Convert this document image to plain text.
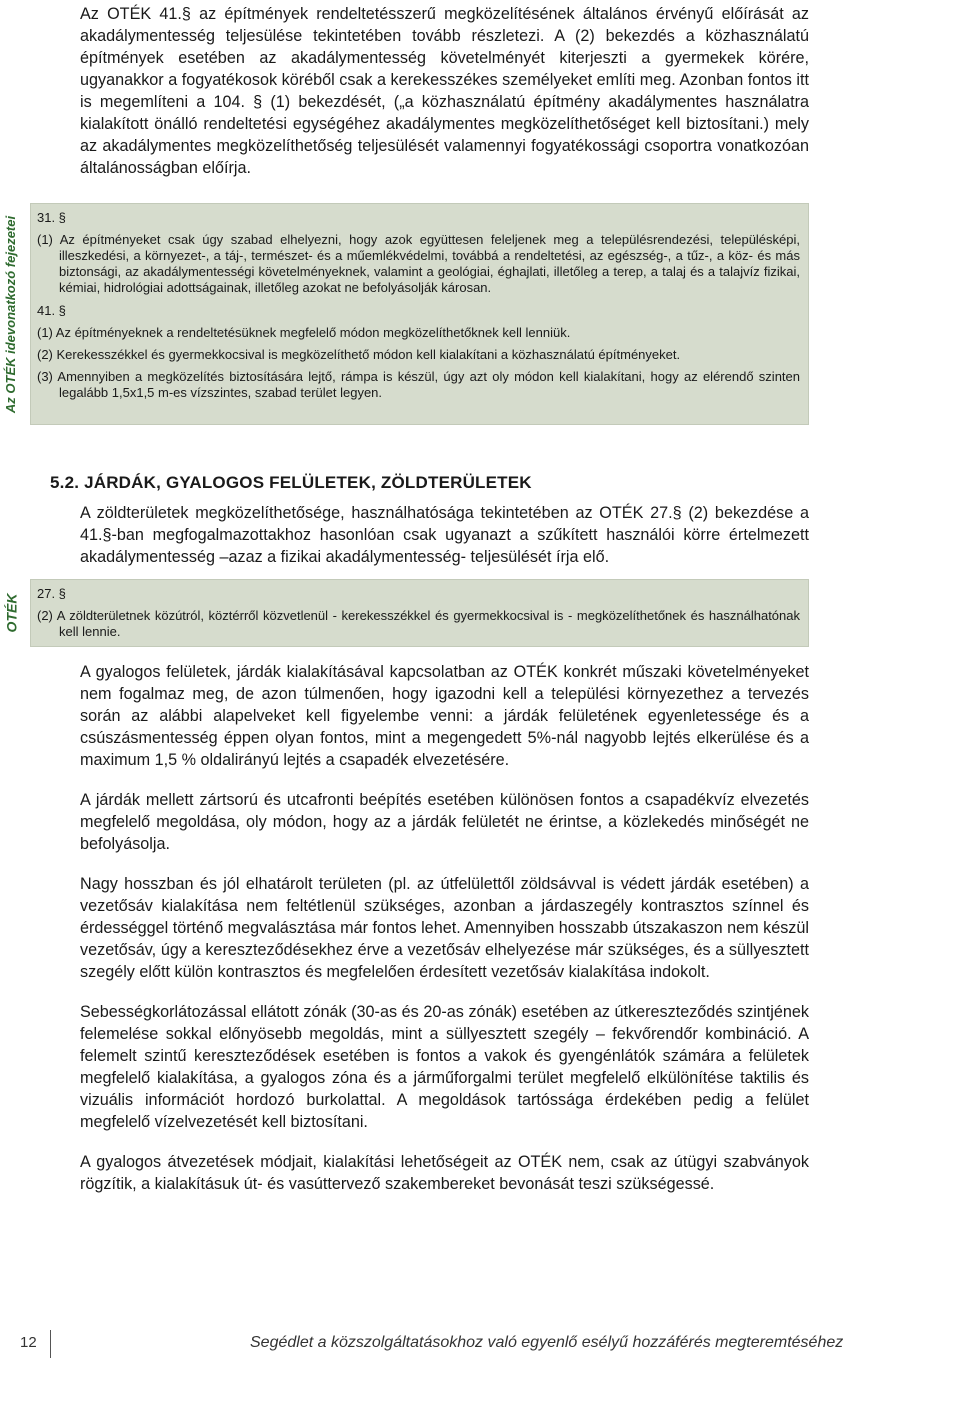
Az OTÉK 41.§ az építmények rendeltetésszerű megközelítésének általános érvényű előírását az akadálymentesség teljesülése tekintetében tovább részletezi. A (2) bekezdés a közhasználatú építmények esetében az akadálymentesség követelményét kiterjeszti a gyermekek körére, ugyanakkor a fogyatékosok köréből csak a kerekesszékes személyeket említi meg. Azonban fontos itt is megemlíteni a 104. § (1) bekezdését, („a közhasználatú építmény akadálymentes használatra kialakított önálló rendeltetési egységéhez akadálymentes megközelíthetőséget kell biztosítani.) mely az akadálymentes megközelíthetőség teljesülését valamennyi fogyatékossági csoportra vonatkozóan általánosságban előírja.

Az OTÉK idevonatkozó fejezetei 31. §
(1) Az építményeket csak úgy szabad elhelyezni, hogy azok együttesen feleljenek meg a településrendezési, településképi, illeszkedési, a környezet-, a táj-, természet- és a műemlékvédelmi, továbbá a rendeltetési, az egészség-, a tűz-, a köz- és más biztonsági, az akadálymentességi követelményeknek, valamint a geológiai, éghajlati, illetőleg a terep, a talaj és a talajvíz fizikai, kémiai, hidrológiai adottságainak, illetőleg azokat ne befolyásolják károsan.
41. §
(1) Az építményeknek a rendeltetésüknek megfelelő módon megközelíthetőknek kell lenniük.
(2) Kerekesszékkel és gyermekkocsival is megközelíthető módon kell kialakítani a közhasználatú építményeket.
(3) Amennyiben a megközelítés biztosítására lejtő, rámpa is készül, úgy azt oly módon kell kialakítani, hogy az elérendő szinten legalább 1,5x1,5 m-es vízszintes, szabad terület legyen.
5.2. JÁRDÁK, GYALOGOS FELÜLETEK, ZÖLDTERÜLETEK

A zöldterületek megközelíthetősége, használhatósága tekintetében az OTÉK 27.§ (2) bekezdése a 41.§-ban megfogalmazottakhoz hasonlóan csak ugyanazt a szűkített használói körre értelmezett akadálymentesség –azaz a fizikai akadálymentesség- teljesülését írja elő.

OTÉK
27. §
(2) A zöldterületnek közútról, köztérről közvetlenül - kerekesszékkel és gyermekkocsival is - megközelíthetőnek és használhatónak kell lennie.

A gyalogos felületek, járdák kialakításával kapcsolatban az OTÉK konkrét műszaki követelményeket nem fogalmaz meg, de azon túlmenően, hogy igazodni kell a települési környezethez a tervezés során az alábbi alapelveket kell figyelembe venni: a járdák felületének egyenletessége és a csúszásmentesség éppen olyan fontos, mint a megengedett 5%-nál nagyobb lejtés elkerülése és a maximum 1,5 % oldalirányú lejtés a csapadék elvezetésére.

A járdák mellett zártsorú és utcafronti beépítés esetében különösen fontos a csapadékvíz elvezetés megfelelő megoldása, oly módon, hogy az a járdák felületét ne érintse, a közlekedés minőségét ne befolyásolja.

Nagy hosszban és jól elhatárolt területen (pl. az útfelülettől zöldsávval is védett járdák esetében) a vezetősáv kialakítása nem feltétlenül szükséges, azonban a járdaszegély kontrasztos színnel és érdességgel történő megvalásztása már fontos lehet. Amennyiben hosszabb útszakaszon nem készül vezetősáv, úgy a kereszteződésekhez érve a vezetősáv elhelyezése már szükséges, és a süllyesztett szegély előtt külön kontrasztos és megfelelően érdesített vezetősáv kialakítása indokolt.

Sebességkorlátozással ellátott zónák (30-as és 20-as zónák) esetében az útkereszteződés szintjének felemelése sokkal előnyösebb megoldás, mint a süllyesztett szegély – fekvőrendőr kombináció. A felemelt szintű kereszteződések esetében is fontos a vakok és gyengénlátók számára a felületek megfelelő kialakítása, a gyalogos zóna és a járműforgalmi terület megfelelő elkülönítése taktilis és vizuális információt hordozó burkolattal. A megoldások tartóssága érdekében pedig a felület megfelelő vízelvezetését kell biztosítani.

A gyalogos átvezetések módjait, kialakítási lehetőségeit az OTÉK nem, csak az útügyi szabványok rögzítik, a kialakításuk út- és vasúttervező szakembereket bevonását teszi szükségessé.

12	Segédlet a közszolgáltatásokhoz való egyenlő esélyű hozzáférés megteremtéséhez
